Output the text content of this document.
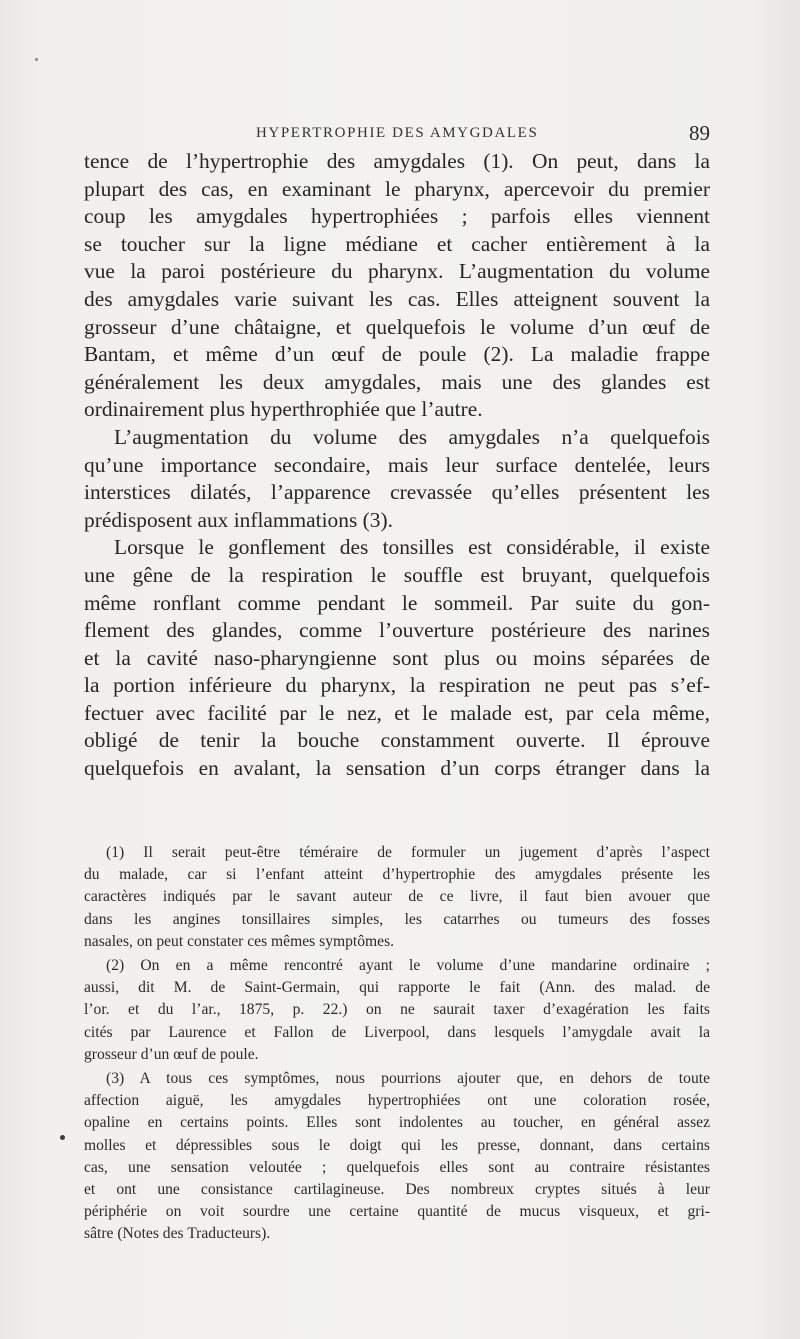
HYPERTROPHIE DES AMYGDALES	89

tence de l’hypertrophie des amygdales (1). On peut, dans la
plupart des cas, en examinant le pharynx, apercevoir du premier
coup les amygdales hypertrophiées ; parfois elles viennent
se toucher sur la ligne médiane et cacher entièrement à la
vue la paroi postérieure du pharynx. L’augmentation du volume
des amygdales varie suivant les cas. Elles atteignent souvent la
grosseur d’une châtaigne, et quelquefois le volume d’un œuf de
Bantam, et même d’un œuf de poule (2). La maladie frappe
généralement les deux amygdales, mais une des glandes est
ordinairement plus hyperthrophiée que l’autre.

L’augmentation du volume des amygdales n’a quelquefois
qu’une importance secondaire, mais leur surface dentelée, leurs
interstices dilatés, l’apparence crevassée qu’elles présentent les
prédisposent aux inflammations (3).

Lorsque le gonflement des tonsilles est considérable, il existe
une gêne de la respiration le souffle est bruyant, quelquefois
même ronflant comme pendant le sommeil. Par suite du gon-
flement des glandes, comme l’ouverture postérieure des narines
et la cavité naso-pharyngienne sont plus ou moins séparées de
la portion inférieure du pharynx, la respiration ne peut pas s’ef-
fectuer avec facilité par le nez, et le malade est, par cela même,
obligé de tenir la bouche constamment ouverte. Il éprouve
quelquefois en avalant, la sensation d’un corps étranger dans la

(1) Il serait peut-être téméraire de formuler un jugement d’après l’aspect
du malade, car si l’enfant atteint d’hypertrophie des amygdales présente les
caractères indiqués par le savant auteur de ce livre, il faut bien avouer que
dans les angines tonsillaires simples, les catarrhes ou tumeurs des fosses
nasales, on peut constater ces mêmes symptômes.

(2) On en a même rencontré ayant le volume d’une mandarine ordinaire ;
aussi, dit M. de Saint-Germain, qui rapporte le fait (Ann. des malad. de
l’or. et du l’ar., 1875, p. 22.) on ne saurait taxer d’exagération les faits
cités par Laurence et Fallon de Liverpool, dans lesquels l’amygdale avait la
grosseur d’un œuf de poule.

(3) A tous ces symptômes, nous pourrions ajouter que, en dehors de toute
affection aiguë, les amygdales hypertrophiées ont une coloration rosée,
opaline en certains points. Elles sont indolentes au toucher, en général assez
molles et dépressibles sous le doigt qui les presse, donnant, dans certains
cas, une sensation veloutée ; quelquefois elles sont au contraire résistantes
et ont une consistance cartilagineuse. Des nombreux cryptes situés à leur
périphérie on voit sourdre une certaine quantité de mucus visqueux, et gri-
sâtre (Notes des Traducteurs).
